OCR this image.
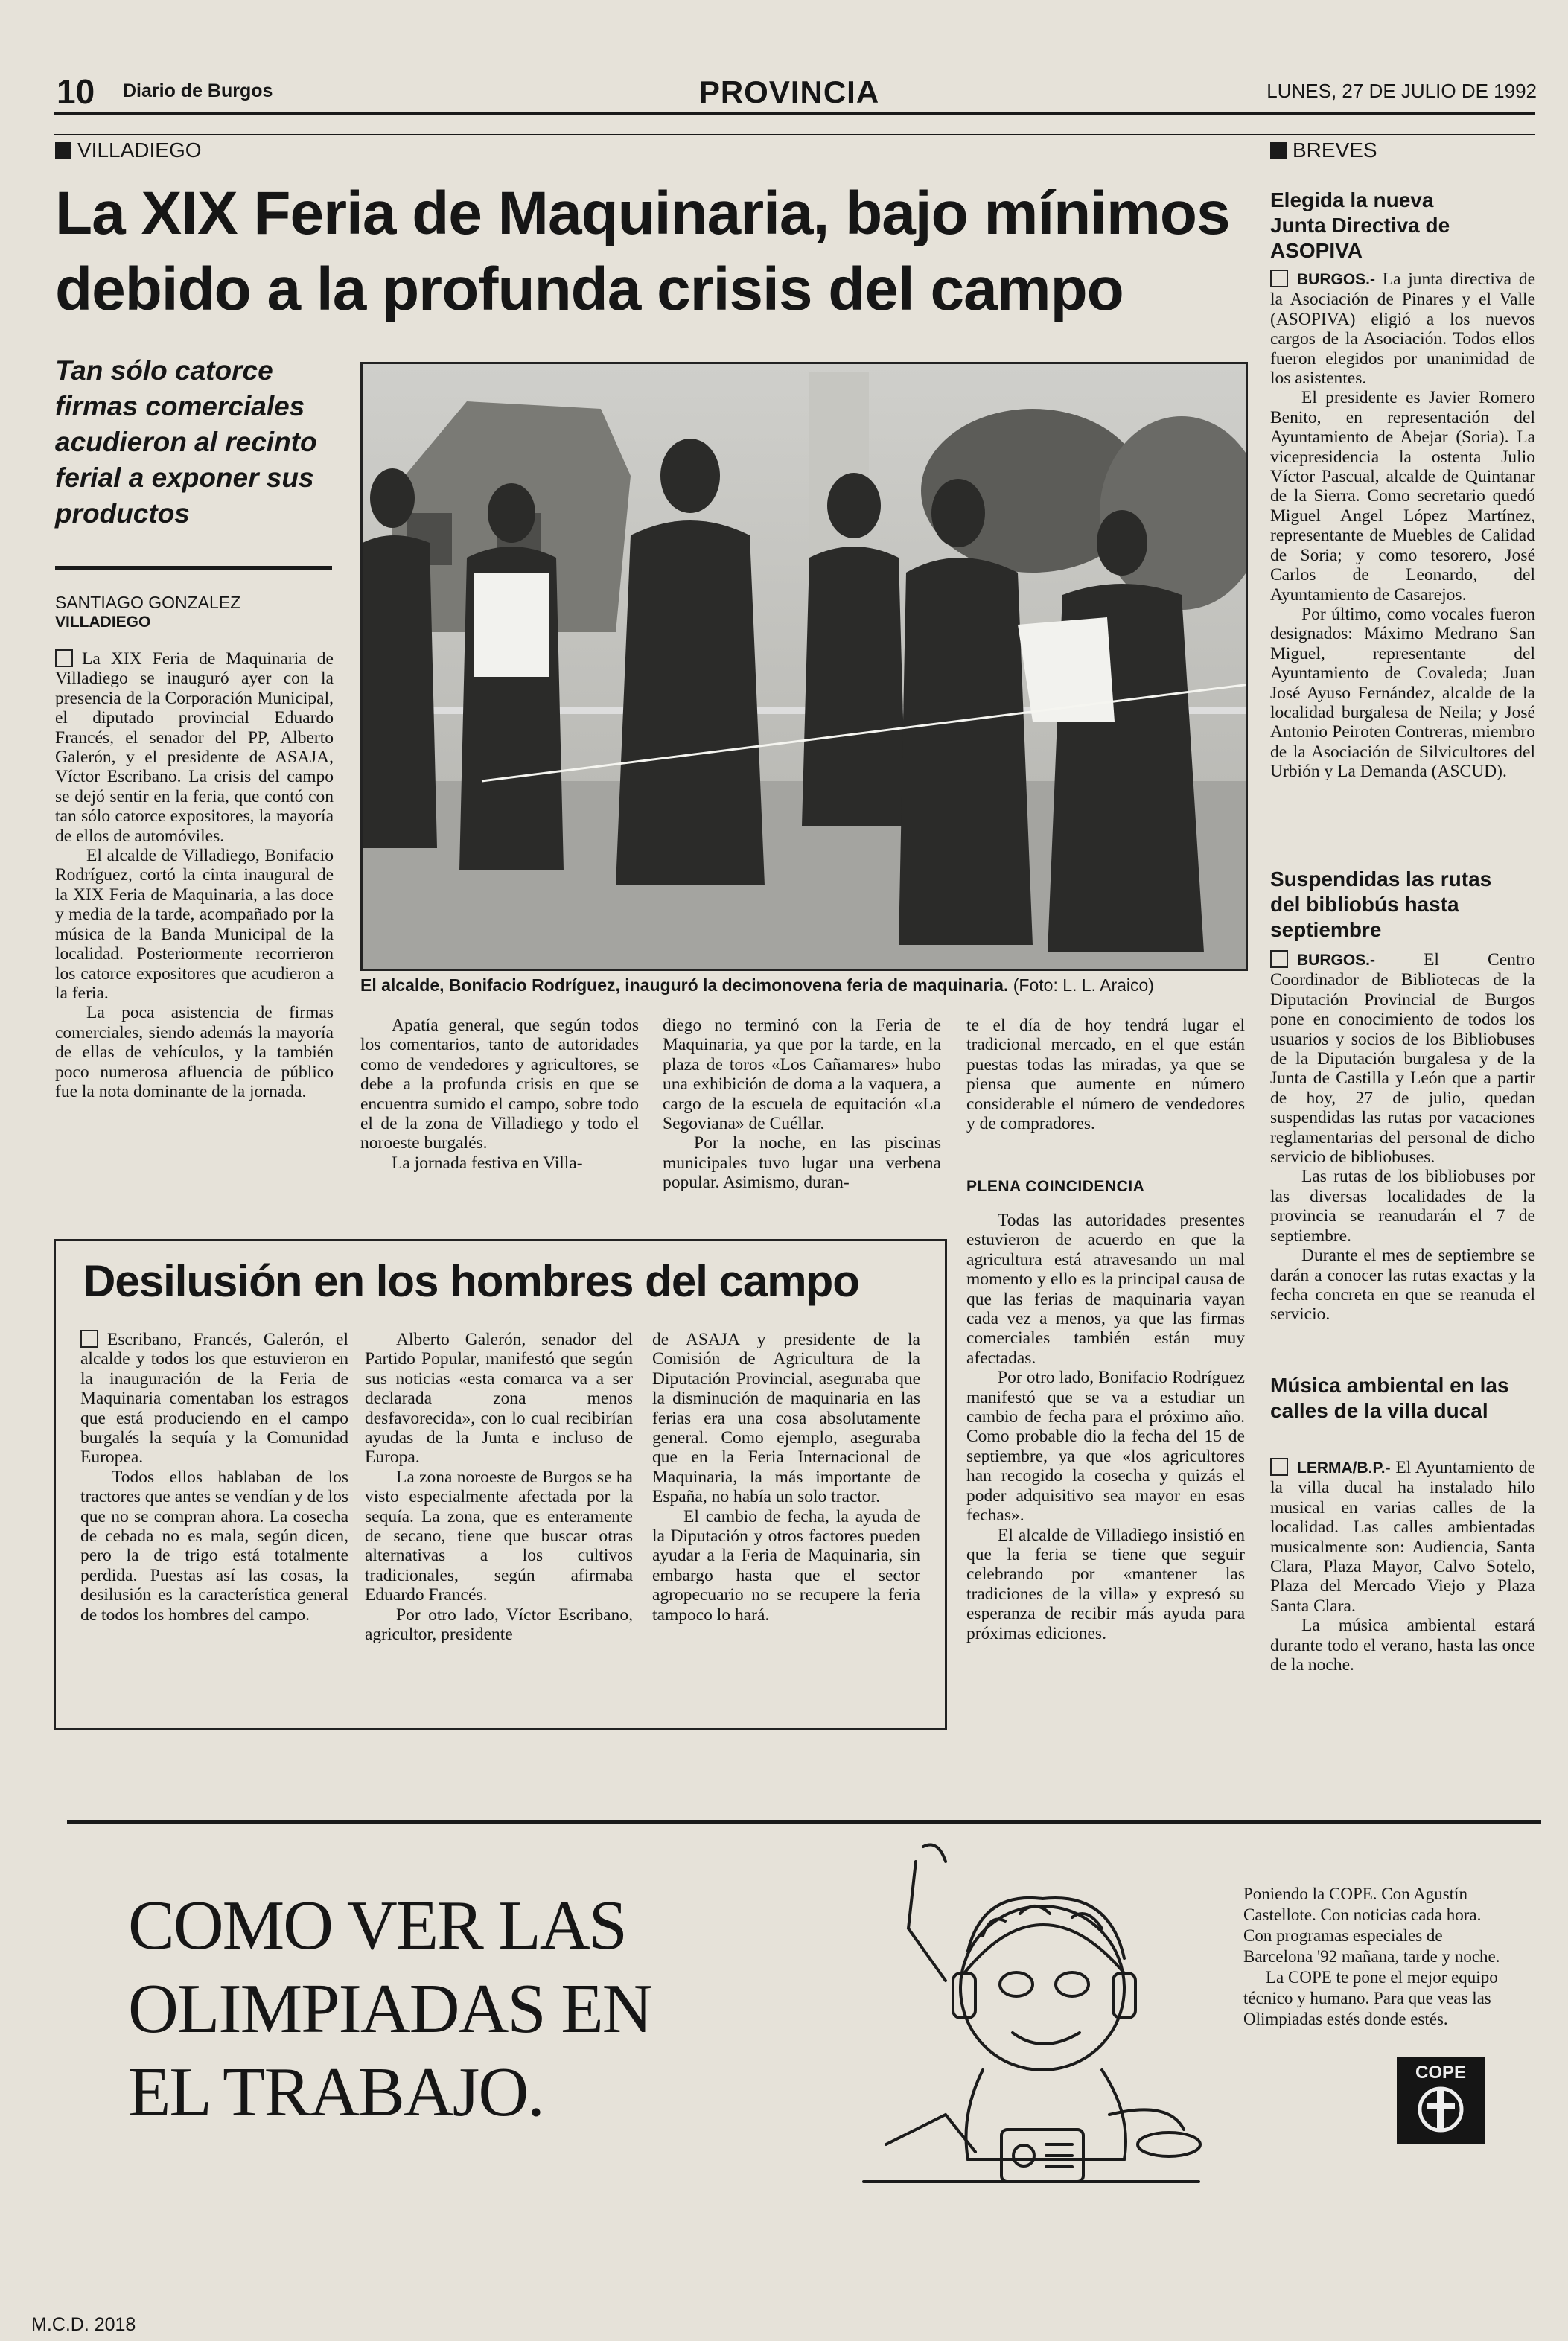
10 Diario de Burgos	PROVINCIA	LUNES, 27 DE JULIO DE 1992
VILLADIEGO
La XIX Feria de Maquinaria, bajo mínimos
debido a la profunda crisis del campo
Tan sólo catorce firmas comerciales acudieron al recinto ferial a exponer sus productos
SANTIAGO GONZALEZ
VILLADIEGO

La XIX Feria de Maquinaria de Villadiego se inauguró ayer con la presencia de la Corporación Municipal, el diputado provincial Eduardo Francés, el senador del PP, Alberto Galerón, y el presidente de ASAJA, Víctor Escribano. La crisis del campo se dejó sentir en la feria, que contó con tan sólo catorce expositores, la mayoría de ellos de automóviles.

El alcalde de Villadiego, Bonifacio Rodríguez, cortó la cinta inaugural de la XIX Feria de Maquinaria, a las doce y media de la tarde, acompañado por la música de la Banda Municipal de la localidad. Posteriormente recorrieron los catorce expositores que acudieron a la feria.

La poca asistencia de firmas comerciales, siendo además la mayoría de ellas de vehículos, y la también poco numerosa afluencia de público fue la nota dominante de la jornada.

El alcalde, Bonifacio Rodríguez, inauguró la decimonovena feria de maquinaria. (Foto: L. L. Araico)

Apatía general, que según todos los comentarios, tanto de autoridades como de vendedores y agricultores, se debe a la profunda crisis en que se encuentra sumido el campo, sobre todo el de la zona de Villadiego y todo el noroeste burgalés.

La jornada festiva en Villa-

diego no terminó con la Feria de Maquinaria, ya que por la tarde, en la plaza de toros «Los Cañamares» hubo una exhibición de doma a la vaquera, a cargo de la escuela de equitación «La Segoviana» de Cuéllar.

Por la noche, en las piscinas municipales tuvo lugar una verbena popular. Asimismo, duran-

te el día de hoy tendrá lugar el tradicional mercado, en el que están puestas todas las miradas, ya que se piensa que aumente en número considerable el número de vendedores y de compradores.

PLENA COINCIDENCIA

Todas las autoridades presentes estuvieron de acuerdo en que la agricultura está atravesando un mal momento y ello es la principal causa de que las ferias de maquinaria vayan cada vez a menos, ya que las firmas comerciales también están muy afectadas.

Por otro lado, Bonifacio Rodríguez manifestó que se va a estudiar un cambio de fecha para el próximo año. Como probable dio la fecha del 15 de septiembre, ya que «los agricultores han recogido la cosecha y quizás el poder adquisitivo sea mayor en esas fechas».

El alcalde de Villadiego insistió en que la feria se tiene que seguir celebrando por «mantener las tradiciones de la villa» y expresó su esperanza de recibir más ayuda para próximas ediciones.

Desilusión en los hombres del campo

Escribano, Francés, Galerón, el alcalde y todos los que estuvieron en la inauguración de la Feria de Maquinaria comentaban los estragos que está produciendo en el campo burgalés la sequía y la Comunidad Europea.

Todos ellos hablaban de los tractores que antes se vendían y de los que no se compran ahora. La cosecha de cebada no es mala, según dicen, pero la de trigo está totalmente perdida. Puestas así las cosas, la desilusión es la característica general de todos los hombres del campo.

Alberto Galerón, senador del Partido Popular, manifestó que según sus noticias «esta comarca va a ser declarada zona menos desfavorecida», con lo cual recibirían ayudas de la Junta e incluso de Europa.

La zona noroeste de Burgos se ha visto especialmente afectada por la sequía. La zona, que es enteramente de secano, tiene que buscar otras alternativas a los cultivos tradicionales, según afirmaba Eduardo Francés.

Por otro lado, Víctor Escribano, agricultor, presidente

de ASAJA y presidente de la Comisión de Agricultura de la Diputación Provincial, aseguraba que la disminución de maquinaria en las ferias era una cosa absolutamente general. Como ejemplo, aseguraba que en la Feria Internacional de Maquinaria, la más importante de España, no había un solo tractor.

El cambio de fecha, la ayuda de la Diputación y otros factores pueden ayudar a la Feria de Maquinaria, sin embargo hasta que el sector agropecuario no se recupere la feria tampoco lo hará.

BREVES
Elegida la nueva Junta Directiva de ASOPIVA

BURGOS.- La junta directiva de la Asociación de Pinares y el Valle (ASOPIVA) eligió a los nuevos cargos de la Asociación. Todos ellos fueron elegidos por unanimidad de los asistentes.

El presidente es Javier Romero Benito, en representación del Ayuntamiento de Abejar (Soria). La vicepresidencia la ostenta Julio Víctor Pascual, alcalde de Quintanar de la Sierra. Como secretario quedó Miguel Angel López Martínez, representante de Muebles de Calidad de Soria; y como tesorero, José Carlos de Leonardo, del Ayuntamiento de Casarejos.

Por último, como vocales fueron designados: Máximo Medrano San Miguel, representante del Ayuntamiento de Covaleda; Juan José Ayuso Fernández, alcalde de la localidad burgalesa de Neila; y José Antonio Peiroten Contreras, miembro de la Asociación de Silvicultores del Urbión y La Demanda (ASCUD).

Suspendidas las rutas del bibliobús hasta septiembre

BURGOS.-	El Centro Coordinador de Bibliotecas de la Diputación Provincial de Burgos pone en conocimiento de todos los usuarios y socios de los Bibliobuses de la Diputación burgalesa y de la Junta de Castilla y León que a partir de hoy, 27 de julio, quedan suspendidas las rutas por vacaciones reglamentarias del personal de dicho servicio de bibliobuses.

Las rutas de los bibliobuses por las diversas localidades de la provincia se reanudarán el 7 de septiembre.

Durante el mes de septiembre se darán a conocer las rutas exactas y la fecha concreta en que se reanuda el servicio.

Música ambiental en las calles de la villa ducal

LERMA/B.P.- El Ayuntamiento de la villa ducal ha instalado hilo musical en varias calles de la localidad. Las calles ambientadas musicalmente son: Audiencia, Santa Clara, Plaza Mayor, Calvo Sotelo, Plaza del Mercado Viejo y Plaza Santa Clara.

La música ambiental estará durante todo el verano, hasta las once de la noche.

COMO VER LAS
OLIMPIADAS EN
EL TRABAJO.

Poniendo la COPE. Con Agustín Castellote. Con noticias cada hora. Con programas especiales de Barcelona '92 mañana, tarde y noche.

La COPE te pone el mejor equipo técnico y humano. Para que veas las Olimpiadas estés donde estés.

COPE
M.C.D. 2018
